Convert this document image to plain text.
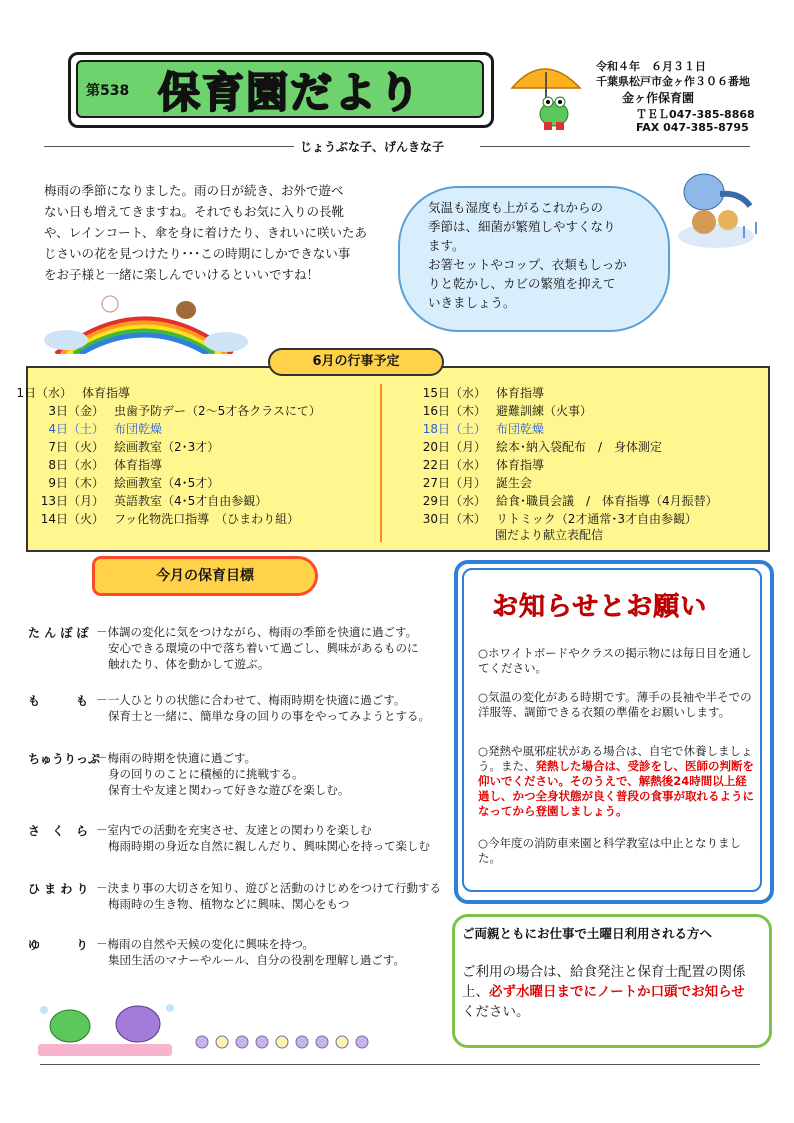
第538 保育園だより
令和４年　６月３１日
千葉県松戸市金ヶ作３０６番地
金ヶ作保育園
ＴＥＬ047-385-8868
FAX 047-385-8795
じょうぶな子、げんきな子
梅雨の季節になりました。雨の日が続き、お外で遊べ
ない日も増えてきますね。それでもお気に入りの長靴
や、レインコート、傘を身に着けたり、きれいに咲いたあ
じさいの花を見つけたり･･･この時期にしかできない事
をお子様と一緒に楽しんでいけるといいですね！
気温も湿度も上がるこれからの
季節は、細菌が繁殖しやすくなり
ます。
お箸セットやコップ、衣類もしっか
りと乾かし、カビの繁殖を抑えて
いきましょう。
6月の行事予定
1日（水） 体育指導
3日（金） 虫歯予防デー（2～5才各クラスにて）
4日（土） 布団乾燥
7日（火） 絵画教室（2･3才）
8日（水） 体育指導
9日（木） 絵画教室（4･5才）
13日（月） 英語教室（4･5才自由参観）
14日（火） フッ化物洗口指導　（ひまわり組）
15日（水） 体育指導
16日（木） 避難訓練（火事）
18日（土） 布団乾燥
20日（月） 絵本･納入袋配布　/　身体測定
22日（水） 体育指導
27日（月） 誕生会
29日（水） 給食･職員会議　/　体育指導（4月振替）
30日（木） リトミック（2才通常･3才自由参観）
園だより献立表配信
今月の保育目標
た ん ぽ ぽ －体調の変化に気をつけながら、梅雨の季節を快適に過ごす。
安心できる環境の中で落ち着いて過ごし、興味があるものに
触れたり、体を動かして遊ぶ。
も　　　も －一人ひとりの状態に合わせて、梅雨時期を快適に過ごす。
保育士と一緒に、簡単な身の回りの事をやってみようとする。
ちゅうりっぷ
－梅雨の時期を快適に過ごす。
身の回りのことに積極的に挑戦する。
保育士や友達と関わって好きな遊びを楽しむ。
さ　く　ら －室内での活動を充実させ、友達との関わりを楽しむ
梅雨時期の身近な自然に親しんだり、興味関心を持って楽しむ
ひ ま わ り －決まり事の大切さを知り、遊びと活動のけじめをつけて行動する
梅雨時の生き物、植物などに興味、関心をもつ
ゆ　　　り －梅雨の自然や天候の変化に興味を持つ。
集団生活のマナーやルール、自分の役割を理解し過ごす。
お知らせとお願い
○ホワイトボードやクラスの掲示物には毎日目を通してください。
○気温の変化がある時期です。薄手の長袖や半そでの洋服等、調節できる衣類の準備をお願いします。
○発熱や風邪症状がある場合は、自宅で休養しましょう。また、発熱した場合は、受診をし、医師の判断を仰いでください。そのうえで、解熱後24時間以上経過し、かつ全身状態が良く普段の食事が取れるようになってから登園しましょう。
○今年度の消防車来園と科学教室は中止となりました。
ご両親ともにお仕事で土曜日利用される方へ
ご利用の場合は、給食発注と保育士配置の関係上、必ず水曜日までにノートか口頭でお知らせください。
